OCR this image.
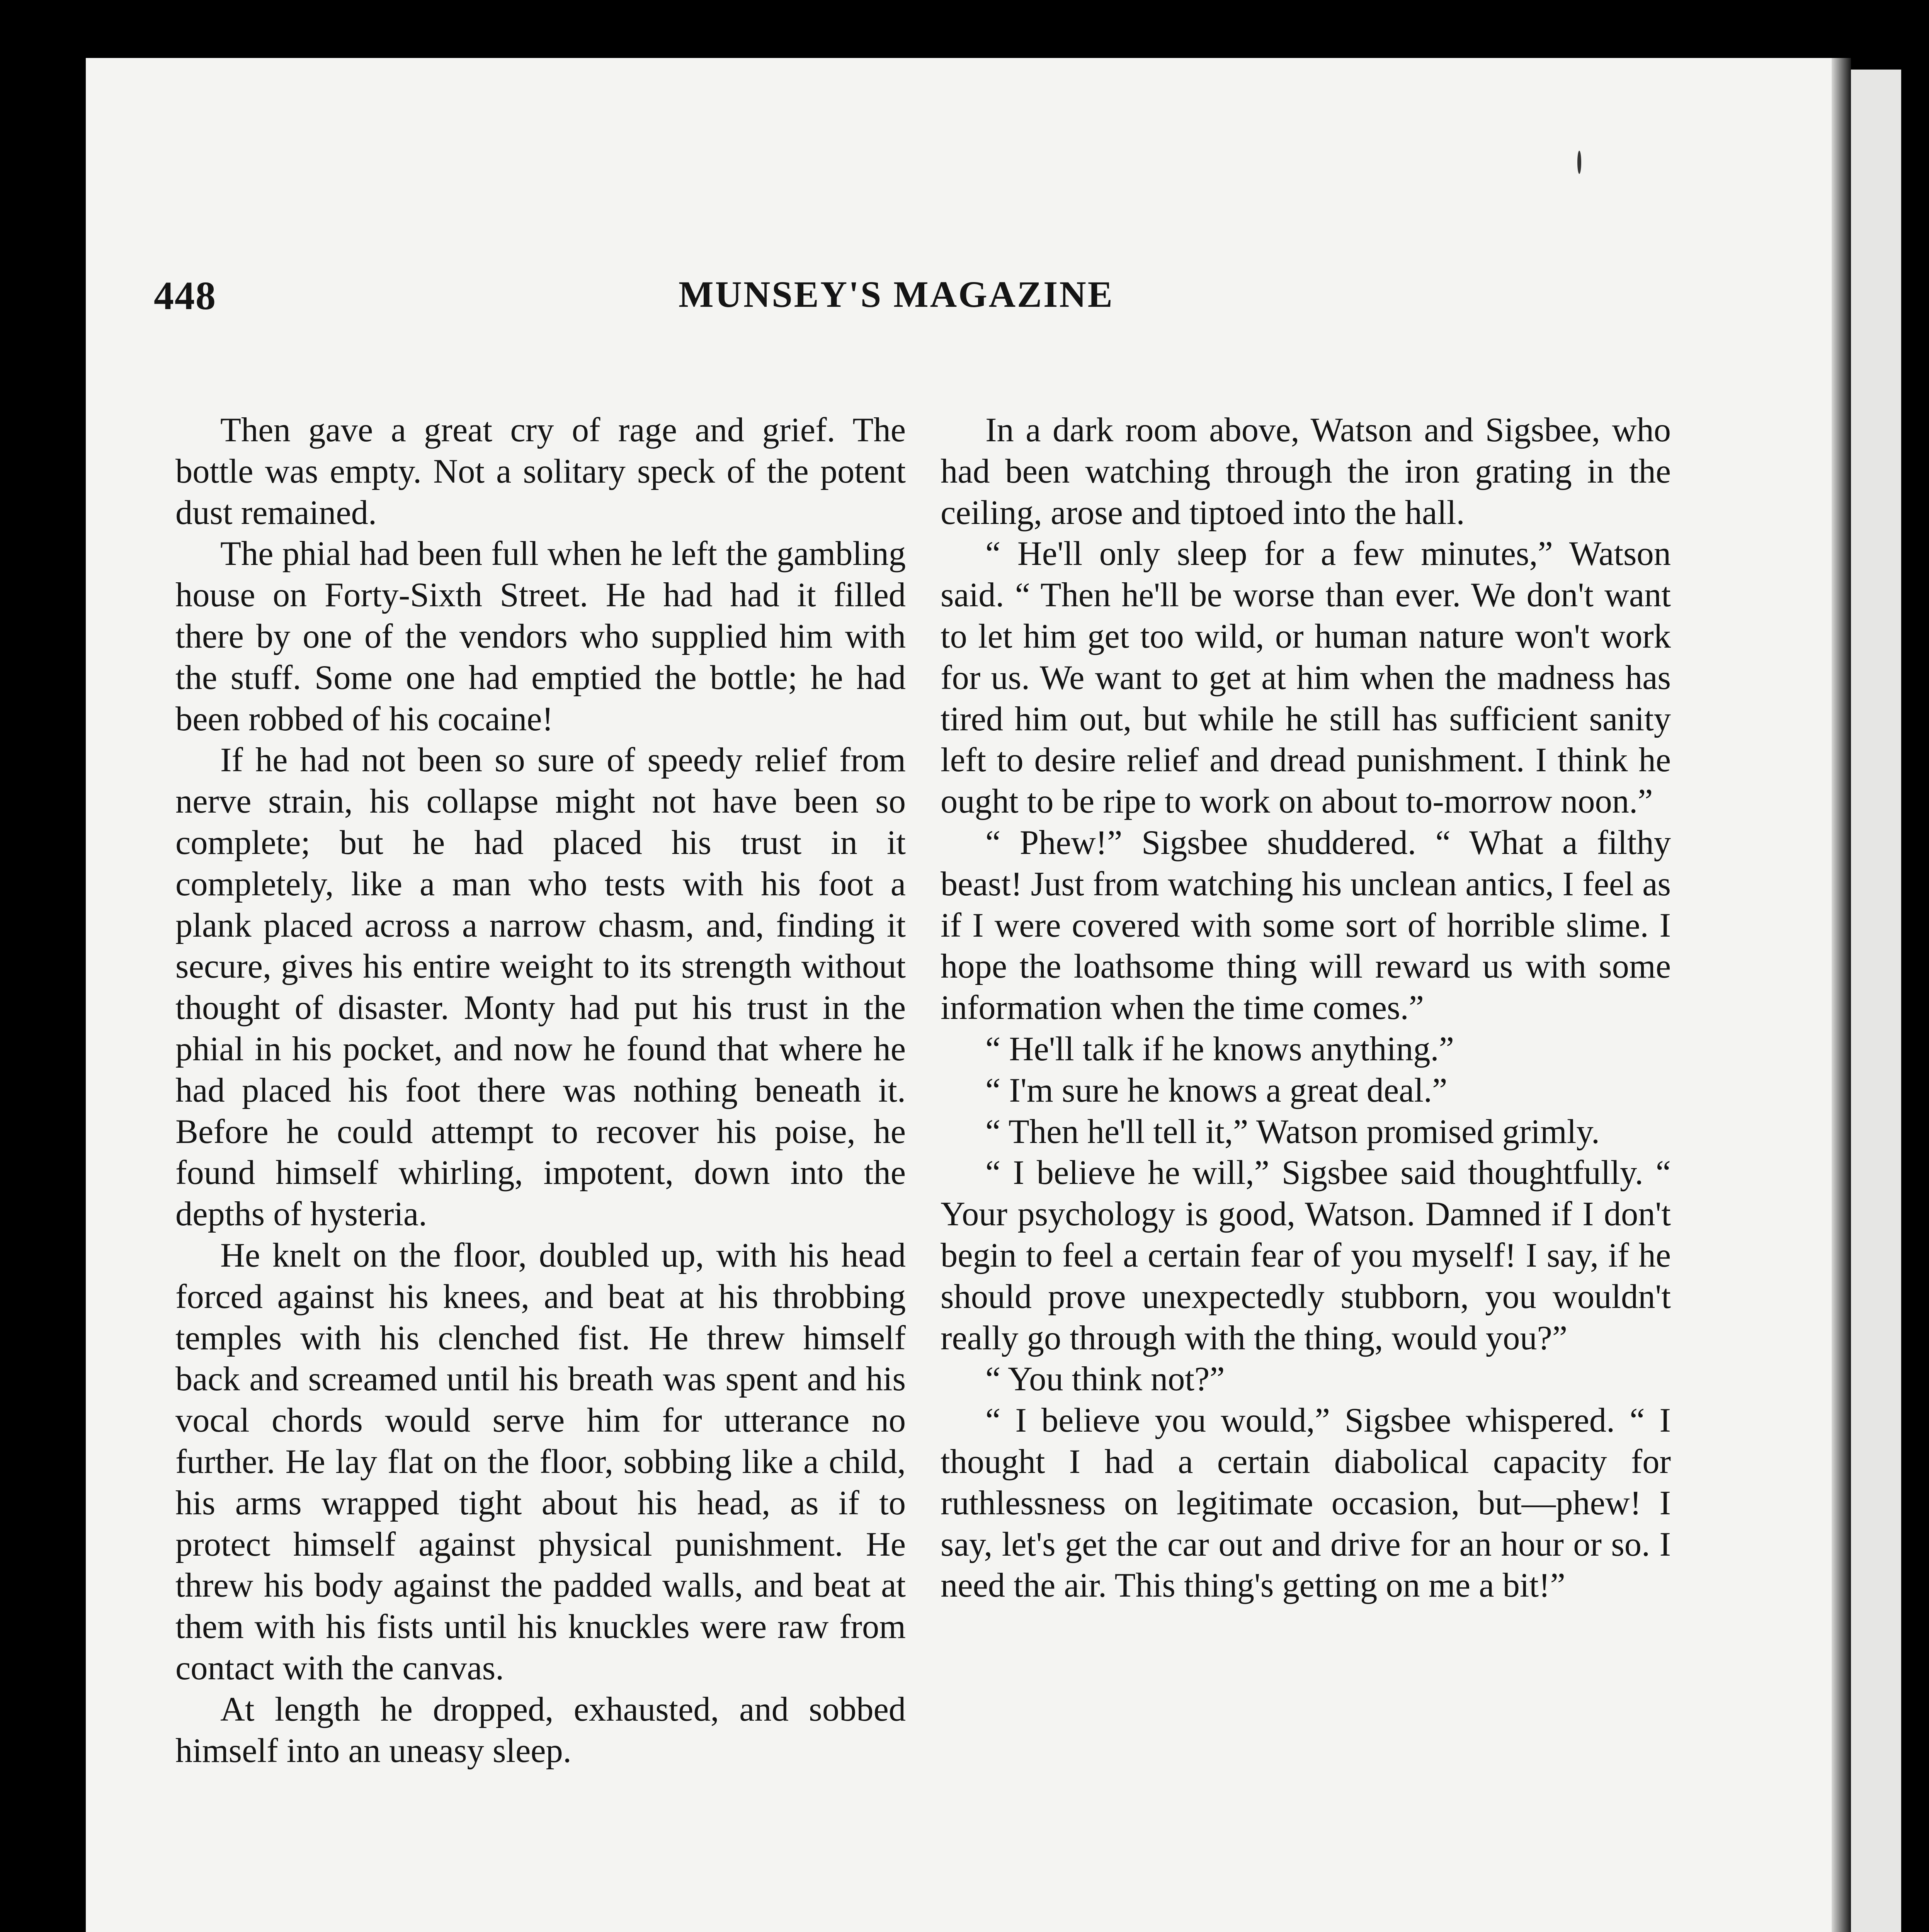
448	MUNSEY'S MAGAZINE

Then gave a great cry of rage and grief. The bottle was empty. Not a solitary speck of the potent dust remained.

The phial had been full when he left the gambling house on Forty-Sixth Street. He had had it filled there by one of the vendors who supplied him with the stuff. Some one had emptied the bottle; he had been robbed of his cocaine!

If he had not been so sure of speedy relief from nerve strain, his collapse might not have been so complete; but he had placed his trust in it completely, like a man who tests with his foot a plank placed across a narrow chasm, and, finding it secure, gives his entire weight to its strength without thought of disaster. Monty had put his trust in the phial in his pocket, and now he found that where he had placed his foot there was nothing beneath it. Before he could attempt to recover his poise, he found himself whirling, impotent, down into the depths of hysteria.

He knelt on the floor, doubled up, with his head forced against his knees, and beat at his throbbing temples with his clenched fist. He threw himself back and screamed until his breath was spent and his vocal chords would serve him for utterance no further. He lay flat on the floor, sobbing like a child, his arms wrapped tight about his head, as if to protect himself against physical punishment. He threw his body against the padded walls, and beat at them with his fists until his knuckles were raw from contact with the canvas.

At length he dropped, exhausted, and sobbed himself into an uneasy sleep.

In a dark room above, Watson and Sigsbee, who had been watching through the iron grating in the ceiling, arose and tiptoed into the hall.

“ He'll only sleep for a few minutes,” Watson said. “ Then he'll be worse than ever. We don't want to let him get too wild, or human nature won't work for us. We want to get at him when the madness has tired him out, but while he still has sufficient sanity left to desire relief and dread punishment. I think he ought to be ripe to work on about to-morrow noon.”

“ Phew!” Sigsbee shuddered. “ What a filthy beast! Just from watching his unclean antics, I feel as if I were covered with some sort of horrible slime. I hope the loathsome thing will reward us with some information when the time comes.”

“ He'll talk if he knows anything.”

“ I'm sure he knows a great deal.”

“ Then he'll tell it,” Watson promised grimly.

“ I believe he will,” Sigsbee said thoughtfully. “ Your psychology is good, Watson. Damned if I don't begin to feel a certain fear of you myself! I say, if he should prove unexpectedly stubborn, you wouldn't really go through with the thing, would you?”

“ You think not?”

“ I believe you would,” Sigsbee whispered. “ I thought I had a certain diabolical capacity for ruthlessness on legitimate occasion, but—phew! I say, let's get the car out and drive for an hour or so. I need the air. This thing's getting on me a bit!”
